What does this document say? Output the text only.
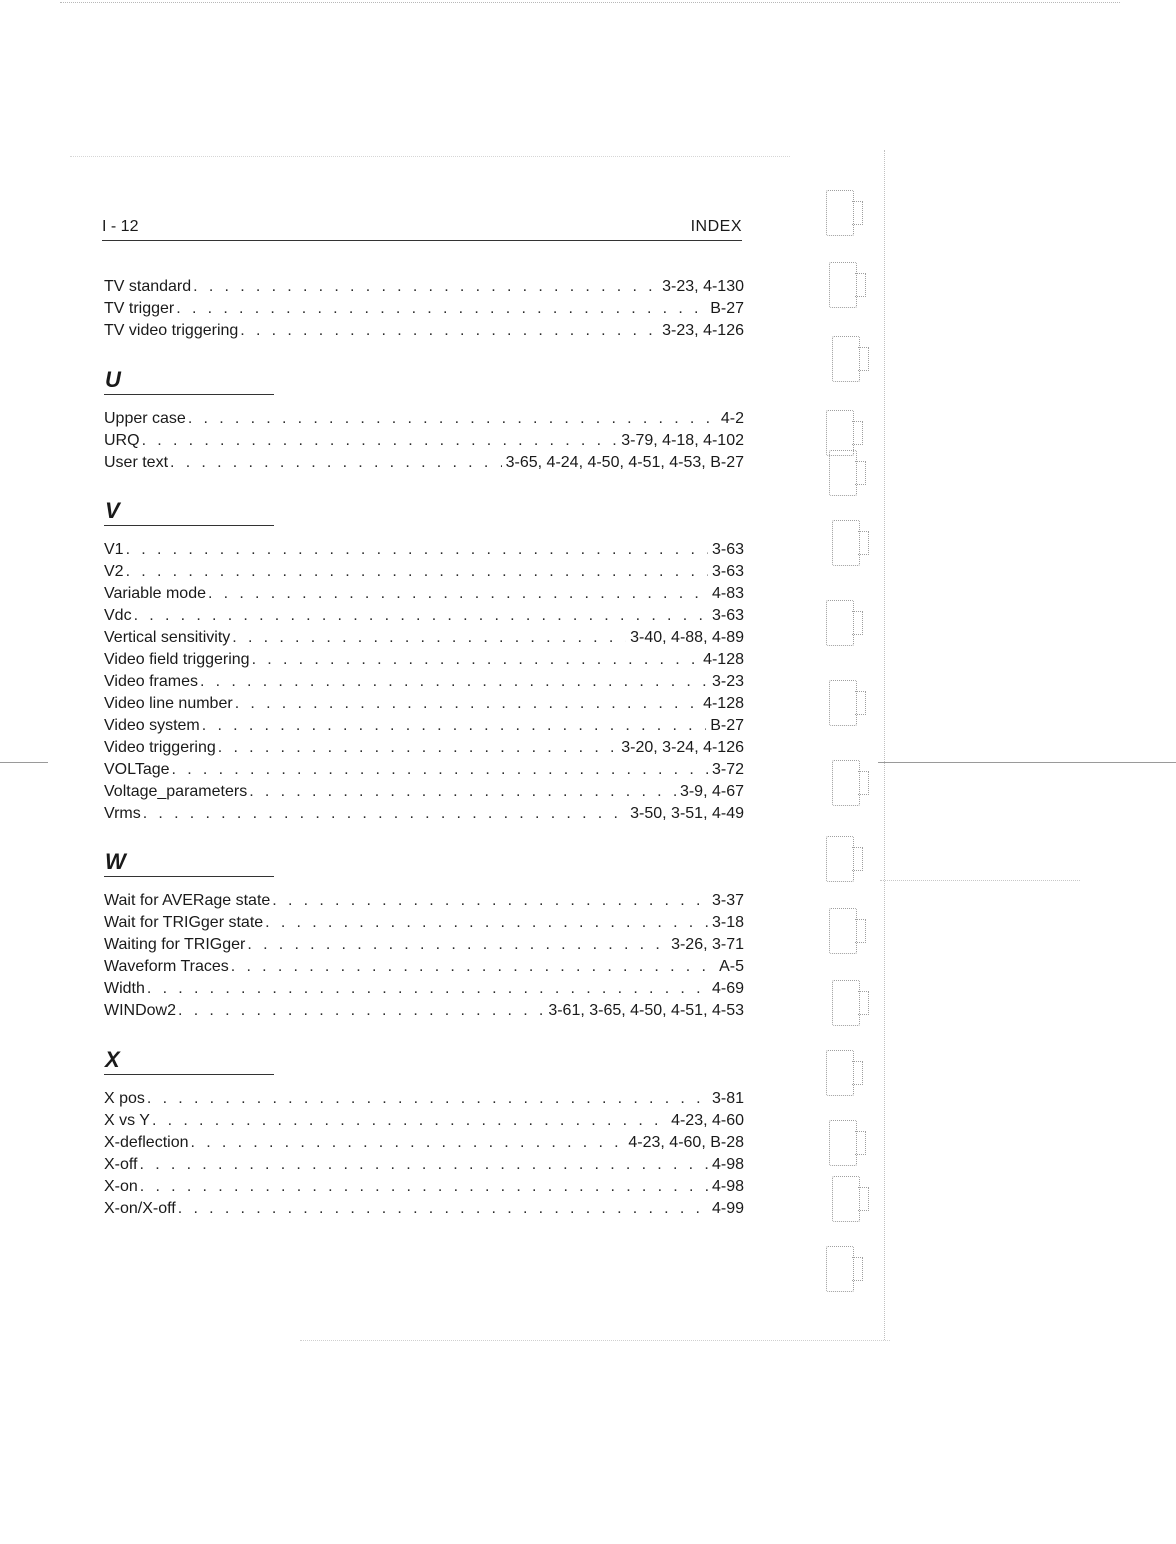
I - 12	INDEX
TV standard . . .	3-23, 4-130
TV trigger . . .	B-27
TV video triggering . . .	3-23, 4-126
U
Upper case . . .	4-2
URQ . . .	3-79, 4-18, 4-102
User text . . .	3-65, 4-24, 4-50, 4-51, 4-53, B-27
V
V1 . . .	3-63
V2 . . .	3-63
Variable mode . . .	4-83
Vdc . . .	3-63
Vertical sensitivity . . .	3-40, 4-88, 4-89
Video field triggering . . .	4-128
Video frames . . .	3-23
Video line number . . .	4-128
Video system . . .	B-27
Video triggering . . .	3-20, 3-24, 4-126
VOLTage . . .	3-72
Voltage_parameters . . .	3-9, 4-67
Vrms . . .	3-50, 3-51, 4-49
W
Wait for AVERage state . . .	3-37
Wait for TRIGger state . . .	3-18
Waiting for TRIGger . . .	3-26, 3-71
Waveform Traces . . .	A-5
Width . . .	4-69
WINDow2 . . .	3-61, 3-65, 4-50, 4-51, 4-53
X
X pos . . .	3-81
X vs Y . . .	4-23, 4-60
X-deflection . . .	4-23, 4-60, B-28
X-off . . .	4-98
X-on . . .	4-98
X-on/X-off . . .	4-99
